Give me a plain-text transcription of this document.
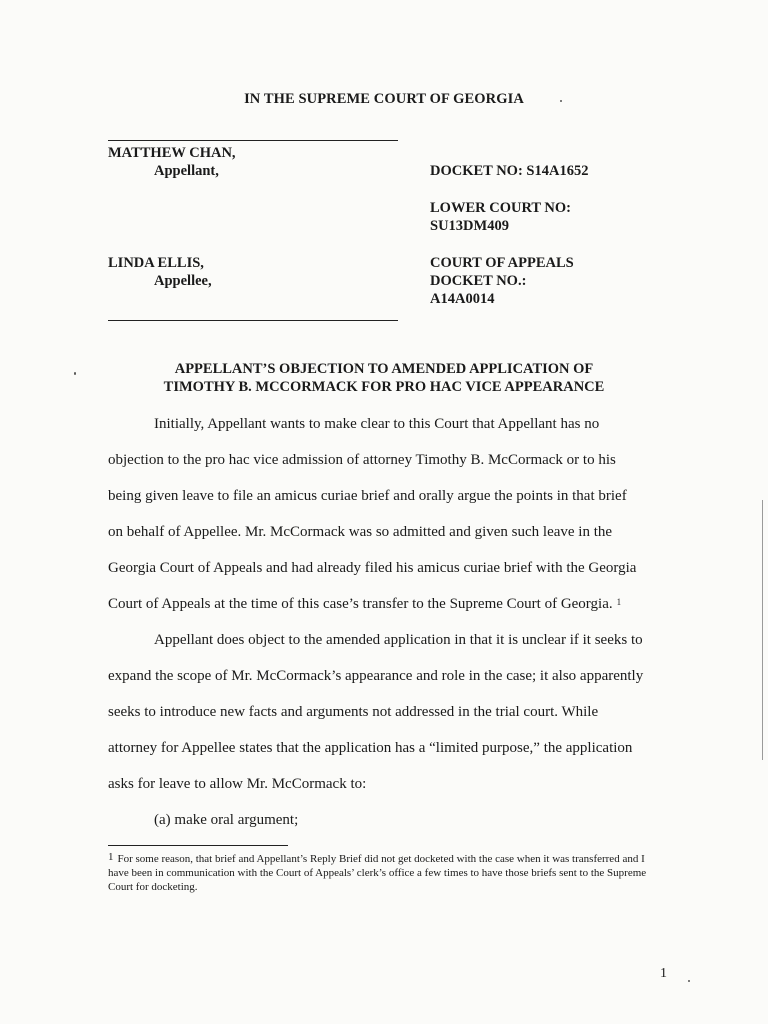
IN THE SUPREME COURT OF GEORGIA
MATTHEW CHAN,
Appellant,	DOCKET NO: S14A1652
LOWER COURT NO:
SU13DM409
LINDA ELLIS,
Appellee,
COURT OF APPEALS
DOCKET NO.:
A14A0014
APPELLANT’S OBJECTION TO AMENDED APPLICATION OF
TIMOTHY B. MCCORMACK FOR PRO HAC VICE APPEARANCE
Initially, Appellant wants to make clear to this Court that Appellant has no
objection to the pro hac vice admission of attorney Timothy B. McCormack or to his
being given leave to file an amicus curiae brief and orally argue the points in that brief
on behalf of Appellee. Mr. McCormack was so admitted and given such leave in the
Georgia Court of Appeals and had already filed his amicus curiae brief with the Georgia
Court of Appeals at the time of this case’s transfer to the Supreme Court of Georgia. $^1$
Appellant does object to the amended application in that it is unclear if it seeks to
expand the scope of Mr. McCormack’s appearance and role in the case; it also apparently
seeks to introduce new facts and arguments not addressed in the trial court. While
attorney for Appellee states that the application has a “limited purpose,” the application
asks for leave to allow Mr. McCormack to:
(a) make oral argument;
$^1$ For some reason, that brief and Appellant’s Reply Brief did not get docketed with the case when it was transferred and I have been in communication with the Court of Appeals’ clerk’s office a few times to have those briefs sent to the Supreme Court for docketing.
1
